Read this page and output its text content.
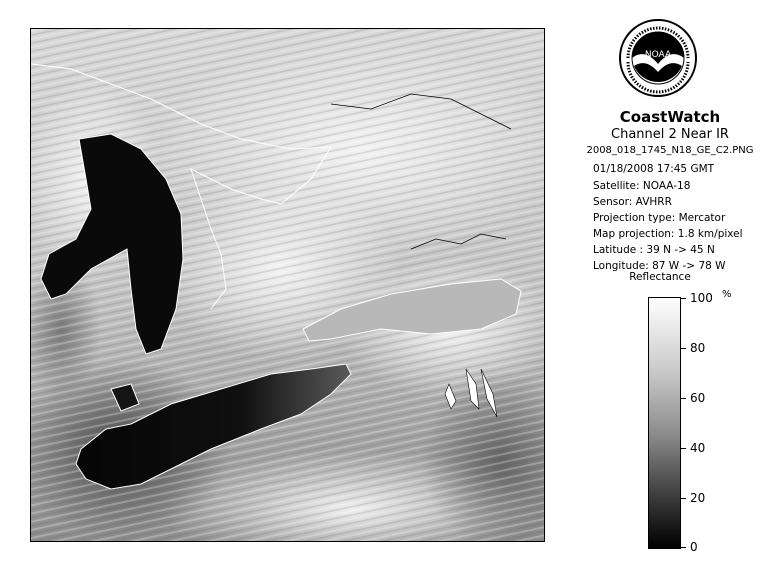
NOAA
CoastWatch
Channel 2 Near IR
2008_018_1745_N18_GE_C2.PNG
01/18/2008 17:45 GMT
Satellite: NOAA-18
Sensor: AVHRR
Projection type: Mercator
Map projection: 1.8 km/pixel
Latitude : 39 N -> 45 N
Longitude: 87 W -> 78 W
Reflectance
%
100
80
60
40
20
0
